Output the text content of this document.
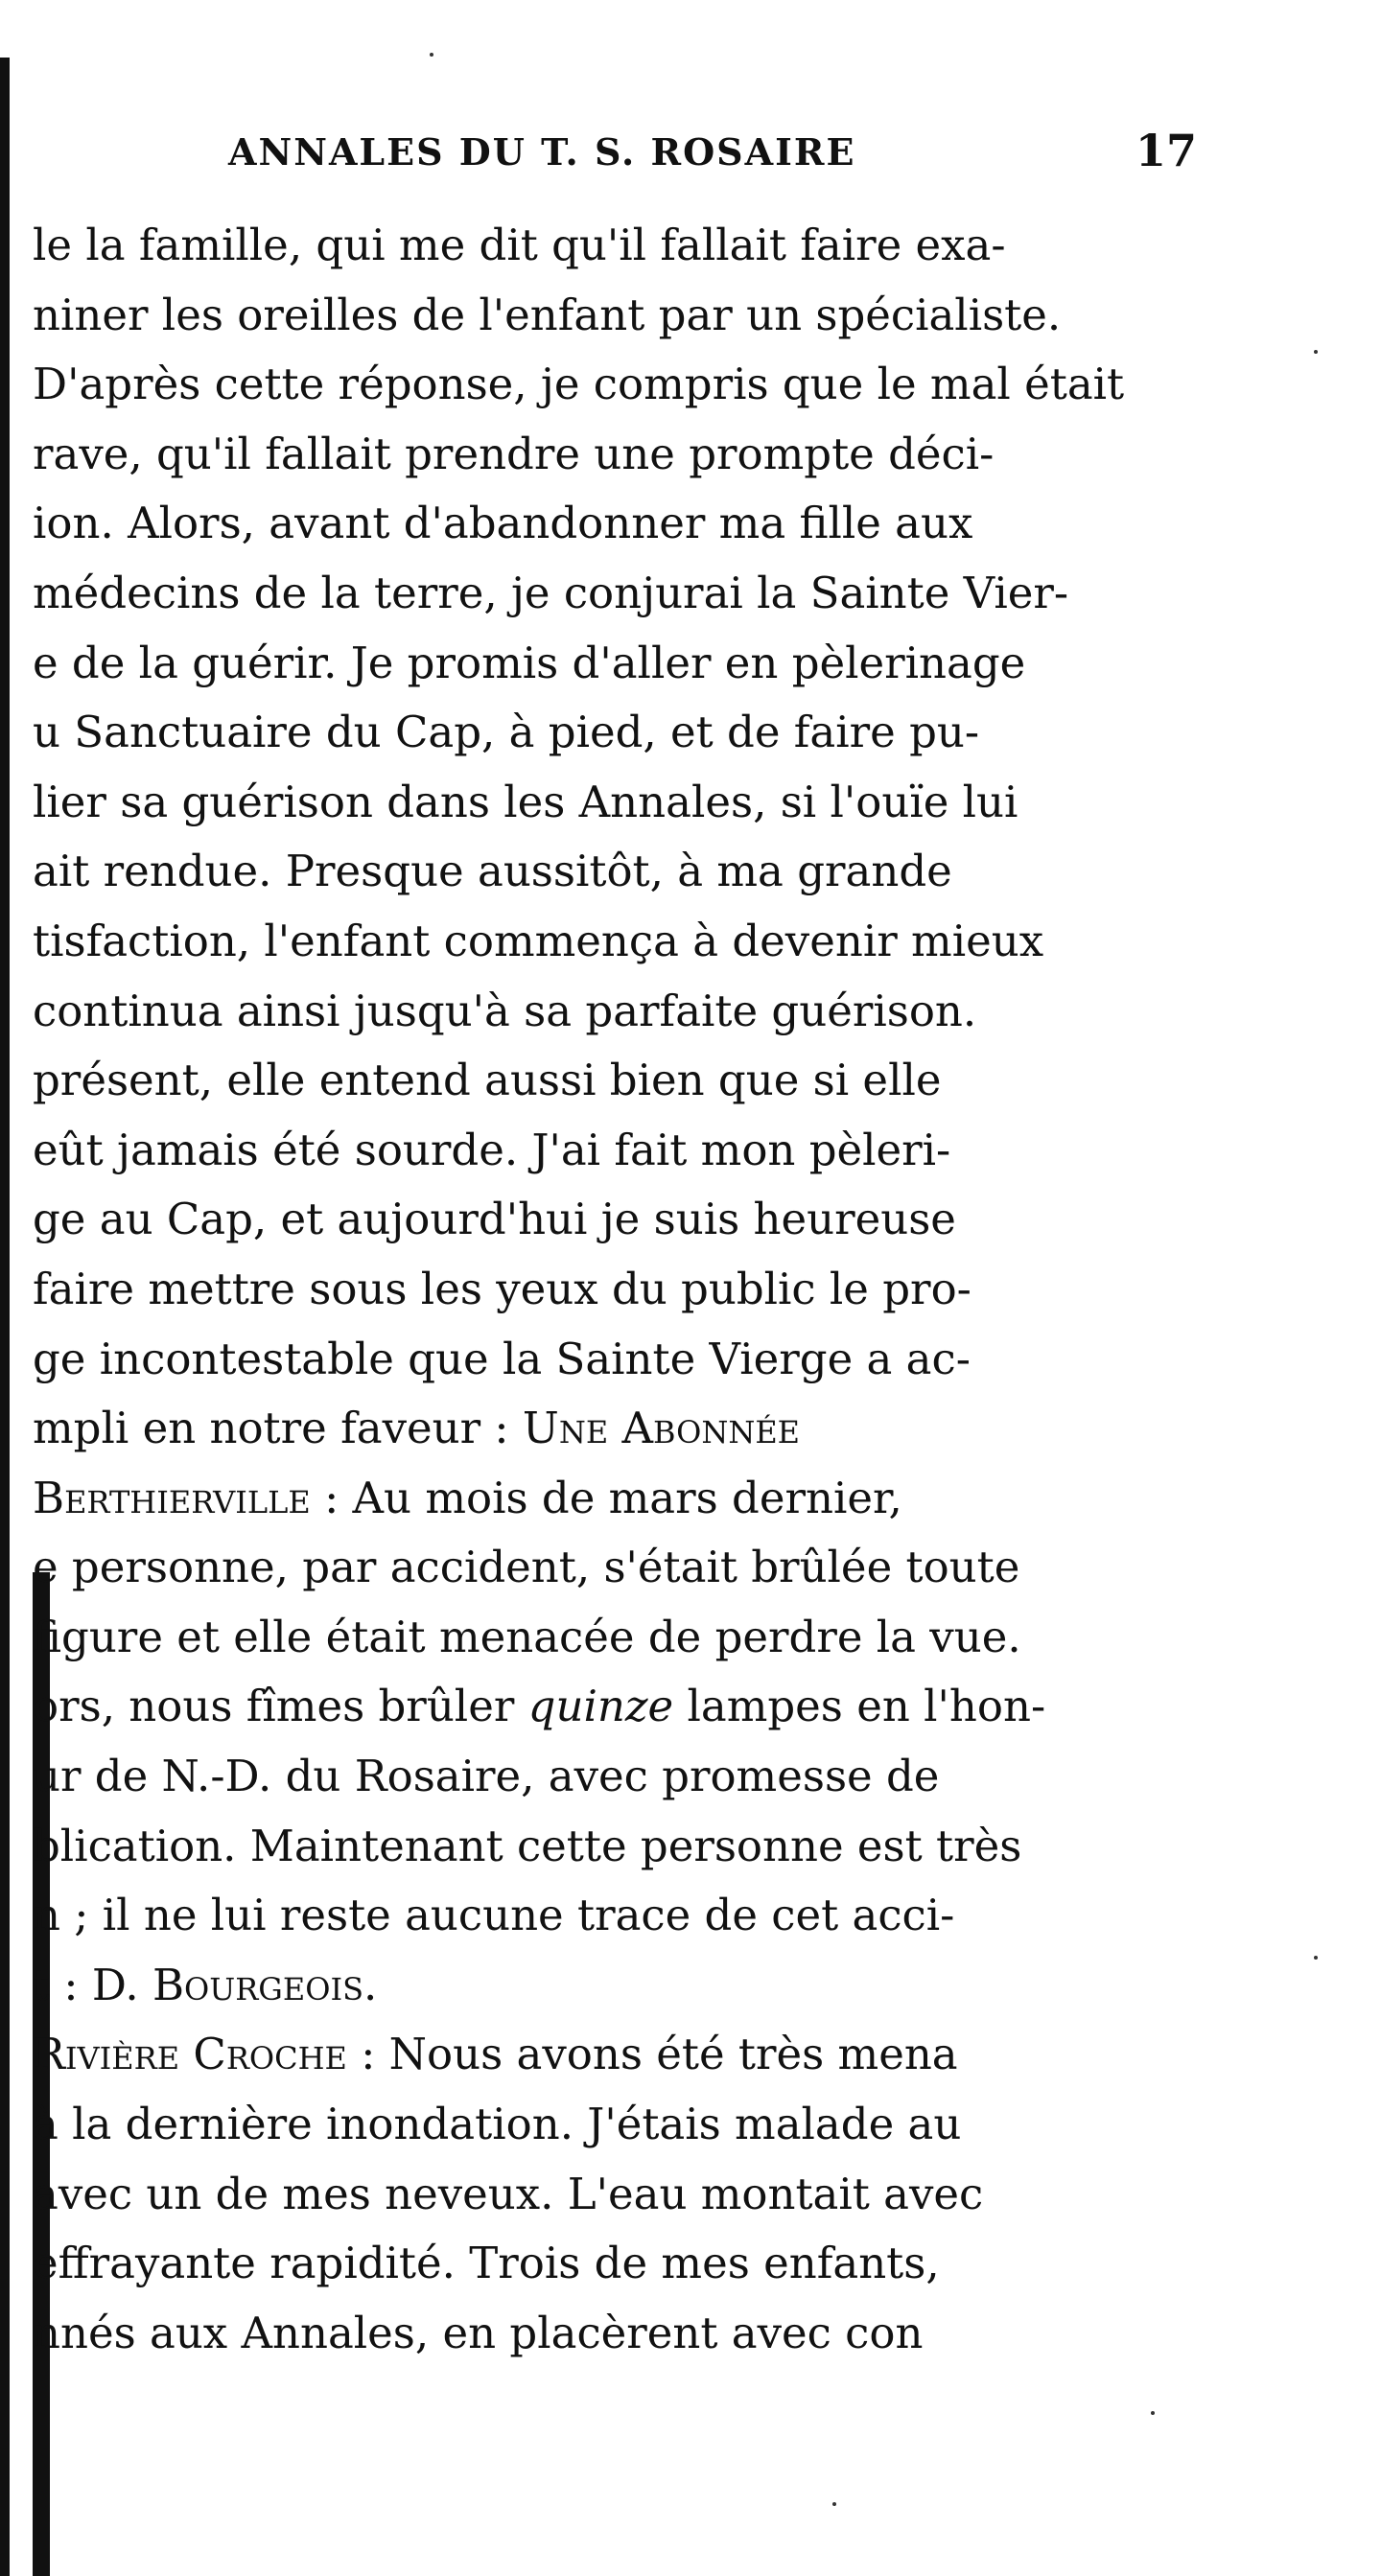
ANNALES DU T. S. ROSAIRE	17
le la famille, qui me dit qu'il fallait faire exa-
niner les oreilles de l'enfant par un spécialiste.
D'après cette réponse, je compris que le mal était
rave, qu'il fallait prendre une prompte déci-
ion. Alors, avant d'abandonner ma fille aux
médecins de la terre, je conjurai la Sainte Vier-
e de la guérir. Je promis d'aller en pèlerinage
u Sanctuaire du Cap, à pied, et de faire pu-
lier sa guérison dans les Annales, si l'ouïe lui
ait rendue. Presque aussitôt, à ma grande
tisfaction, l'enfant commença à devenir mieux
continua ainsi jusqu'à sa parfaite guérison.
présent, elle entend aussi bien que si elle
eût jamais été sourde. J'ai fait mon pèleri-
ge au Cap, et aujourd'hui je suis heureuse
faire mettre sous les yeux du public le pro-
ge incontestable que la Sainte Vierge a ac-
mpli en notre faveur : Une Abonnée
Berthierville : Au mois de mars dernier,
e personne, par accident, s'était brûlée toute
figure et elle était menacée de perdre la vue.
ors, nous fîmes brûler quinze lampes en l'hon-
ur de N.-D. du Rosaire, avec promesse de
blication. Maintenant cette personne est très
n ; il ne lui reste aucune trace de cet acci-
t : D. Bourgeois.
Rivière Croche : Nous avons été très mena
à la dernière inondation. J'étais malade au
avec un de mes neveux. L'eau montait avec
effrayante rapidité. Trois de mes enfants,
nnés aux Annales, en placèrent avec con
